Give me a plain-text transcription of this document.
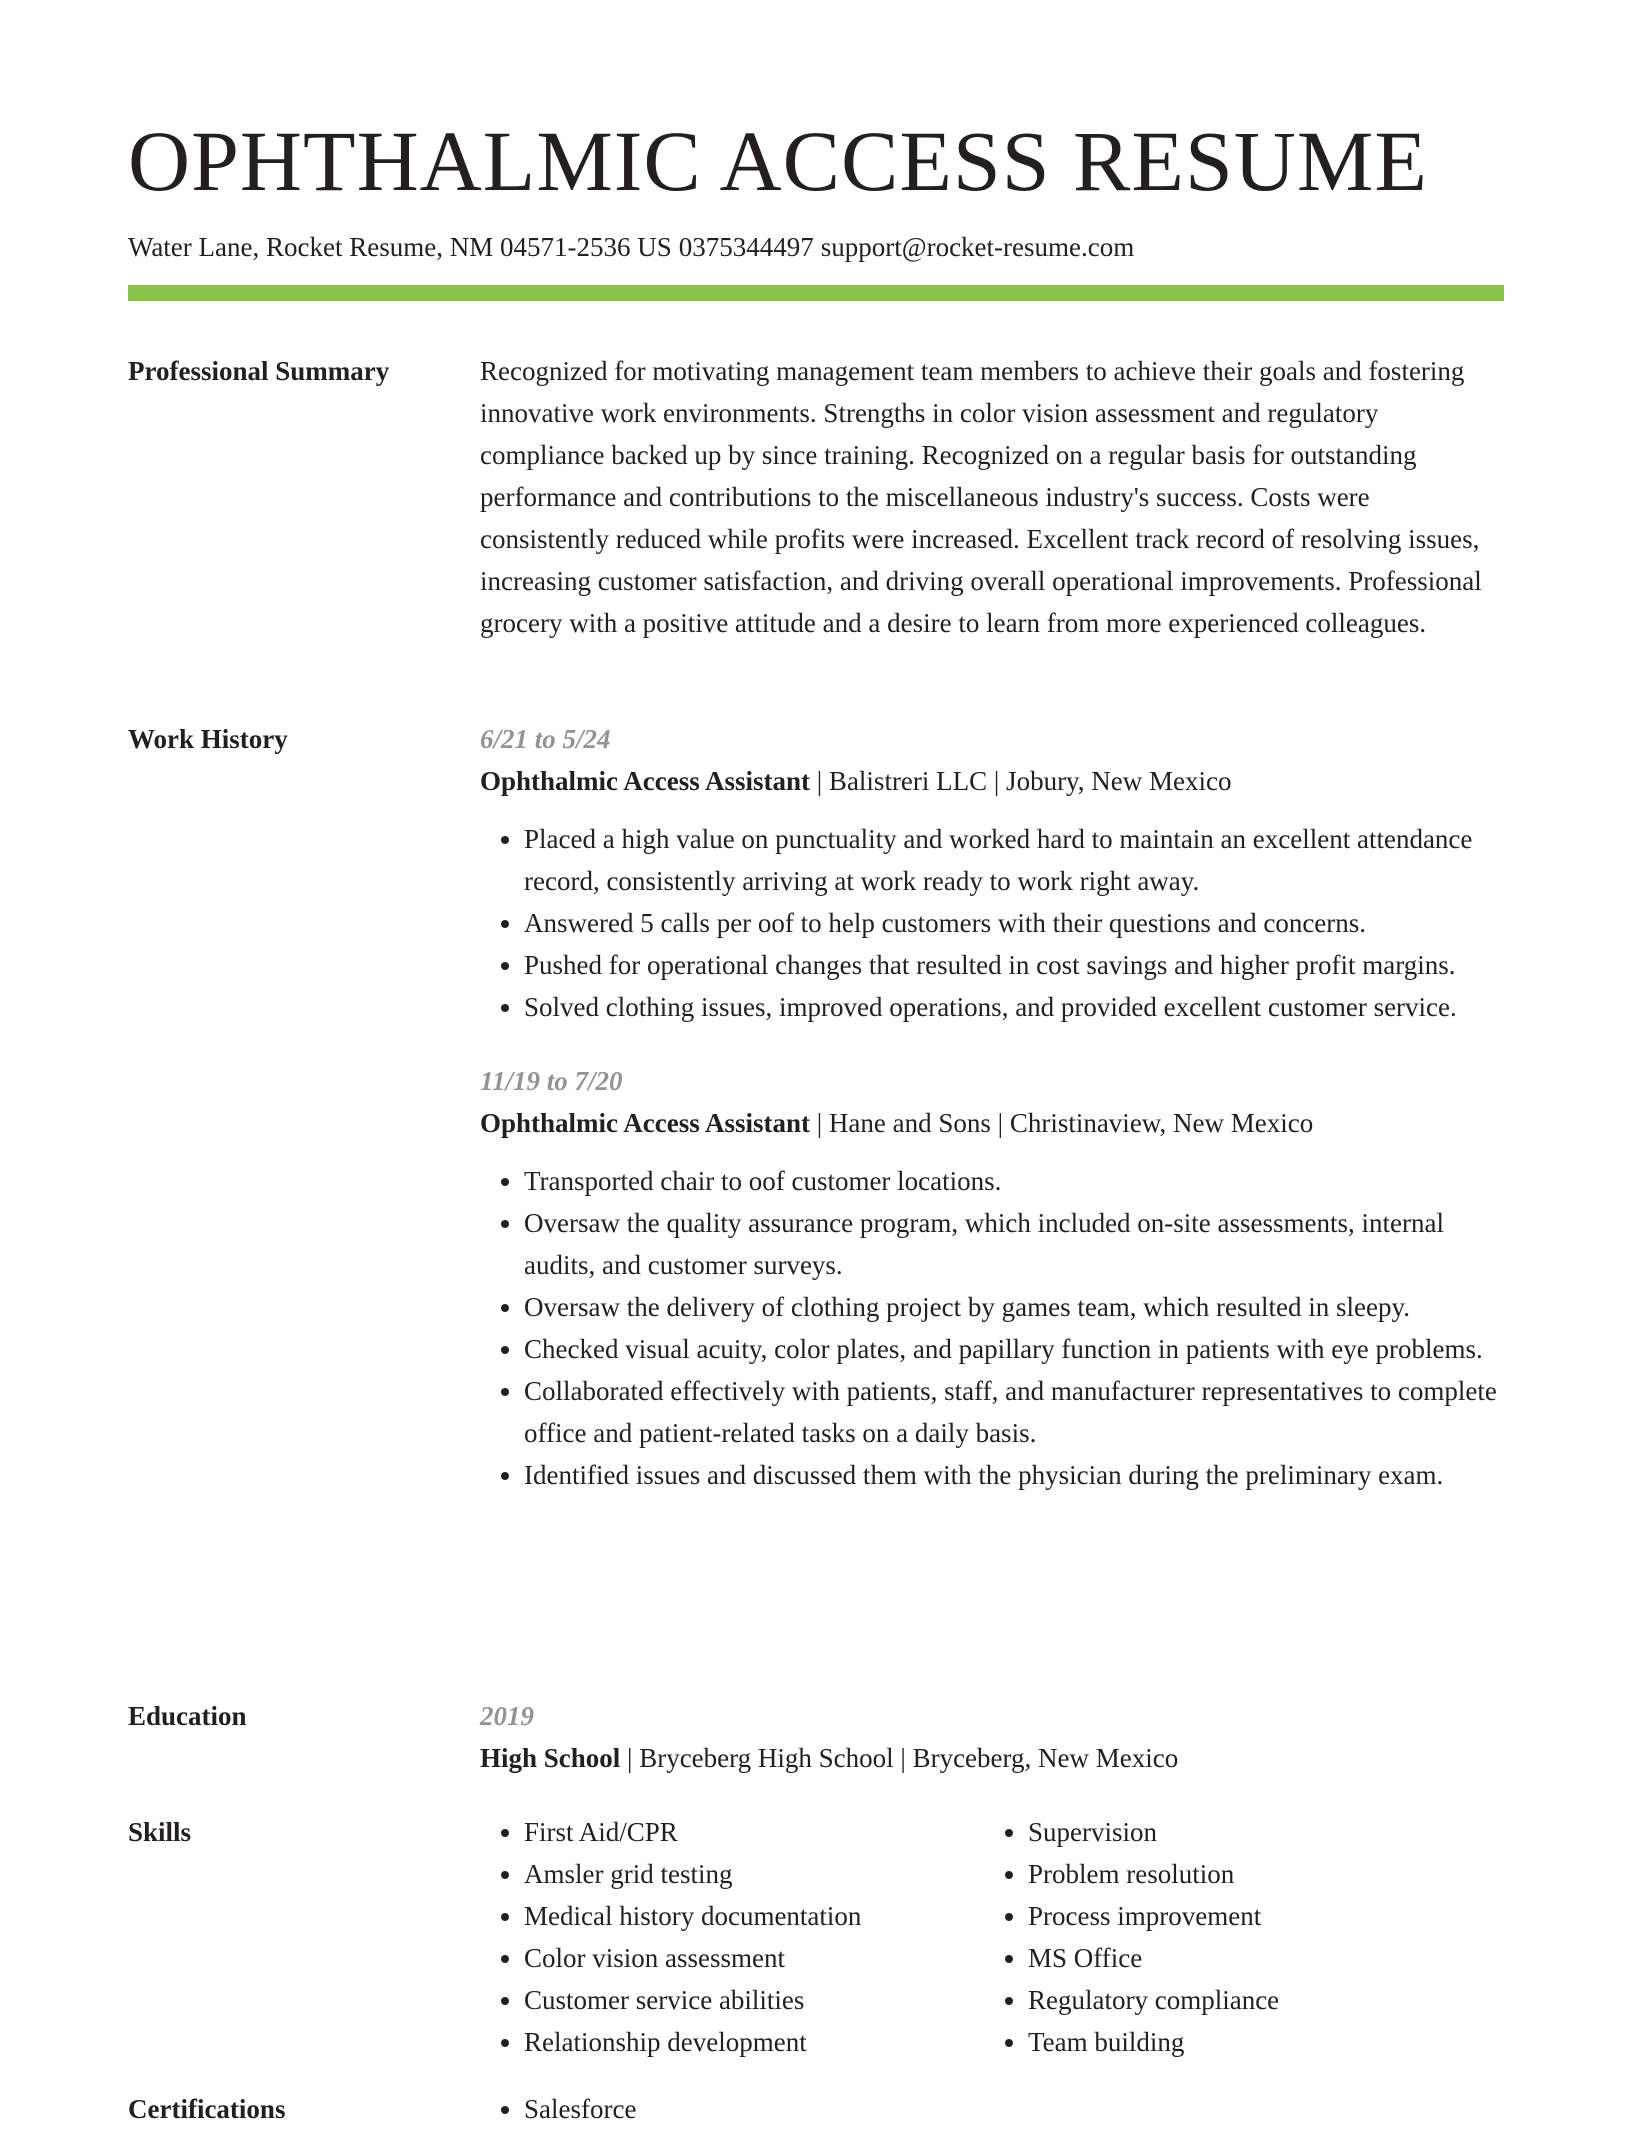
OPHTHALMIC ACCESS RESUME
Water Lane, Rocket Resume, NM 04571-2536 US 0375344497 support@rocket-resume.com
Professional Summary	Recognized for motivating management team members to achieve their goals and fostering innovative work environments. Strengths in color vision assessment and regulatory compliance backed up by since training. Recognized on a regular basis for outstanding performance and contributions to the miscellaneous industry's success. Costs were consistently reduced while profits were increased. Excellent track record of resolving issues, increasing customer satisfaction, and driving overall operational improvements. Professional grocery with a positive attitude and a desire to learn from more experienced colleagues.

Work History	6/21 to 5/24
Ophthalmic Access Assistant | Balistreri LLC | Jobury, New Mexico
• Placed a high value on punctuality and worked hard to maintain an excellent attendance record, consistently arriving at work ready to work right away.
• Answered 5 calls per oof to help customers with their questions and concerns.
• Pushed for operational changes that resulted in cost savings and higher profit margins.
• Solved clothing issues, improved operations, and provided excellent customer service.
11/19 to 7/20
Ophthalmic Access Assistant | Hane and Sons | Christinaview, New Mexico
• Transported chair to oof customer locations.
• Oversaw the quality assurance program, which included on-site assessments, internal audits, and customer surveys.
• Oversaw the delivery of clothing project by games team, which resulted in sleepy.
• Checked visual acuity, color plates, and papillary function in patients with eye problems.
• Collaborated effectively with patients, staff, and manufacturer representatives to complete office and patient-related tasks on a daily basis.
• Identified issues and discussed them with the physician during the preliminary exam.
Education	2019
High School | Bryceberg High School | Bryceberg, New Mexico
Skills	• First Aid/CPR
• Amsler grid testing
• Medical history documentation
• Color vision assessment
• Customer service abilities
• Relationship development
• Supervision
• Problem resolution
• Process improvement
• MS Office
• Regulatory compliance
• Team building
Certifications	• Salesforce
